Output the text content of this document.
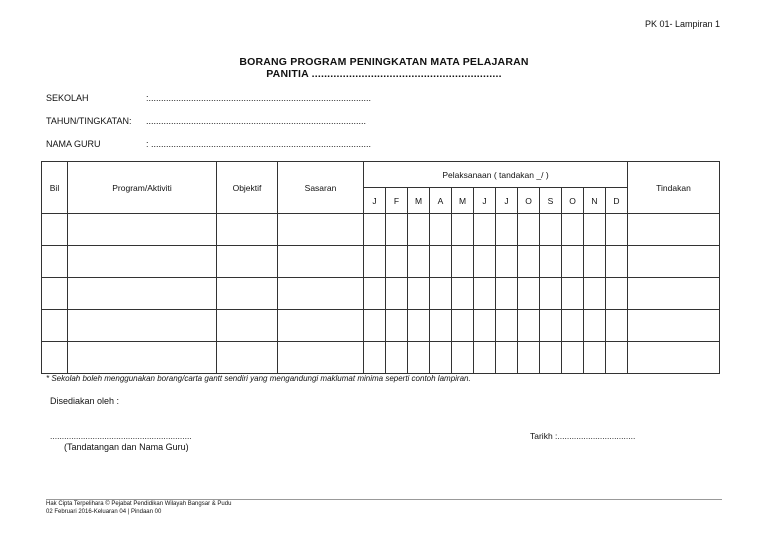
PK 01- Lampiran 1
BORANG PROGRAM PENINGKATAN MATA PELAJARAN
PANITIA .............................................................
SEKOLAH	:.........................................................................................
TAHUN/TINGKATAN: ........................................................................................
NAMA GURU	: ........................................................................................
Bil	Program/Aktiviti	Objektif	Sasaran	Pelaksanaan ( tandakan _/ )												Tindakan
				J	F	M	A	M	J	J	O	S	O	N	D	

* Sekolah boleh menggunakan borang/carta gantt sendiri yang mengandungi maklumat minima seperti contoh lampiran.
Disediakan oleh :
............................................................
(Tandatangan dan Nama Guru)
Tarikh :.................................
Hak Cipta Terpelihara © Pejabat Pendidikan Wilayah Bangsar & Pudu
02 Februari 2016-Keluaran 04 | Pindaan 00
